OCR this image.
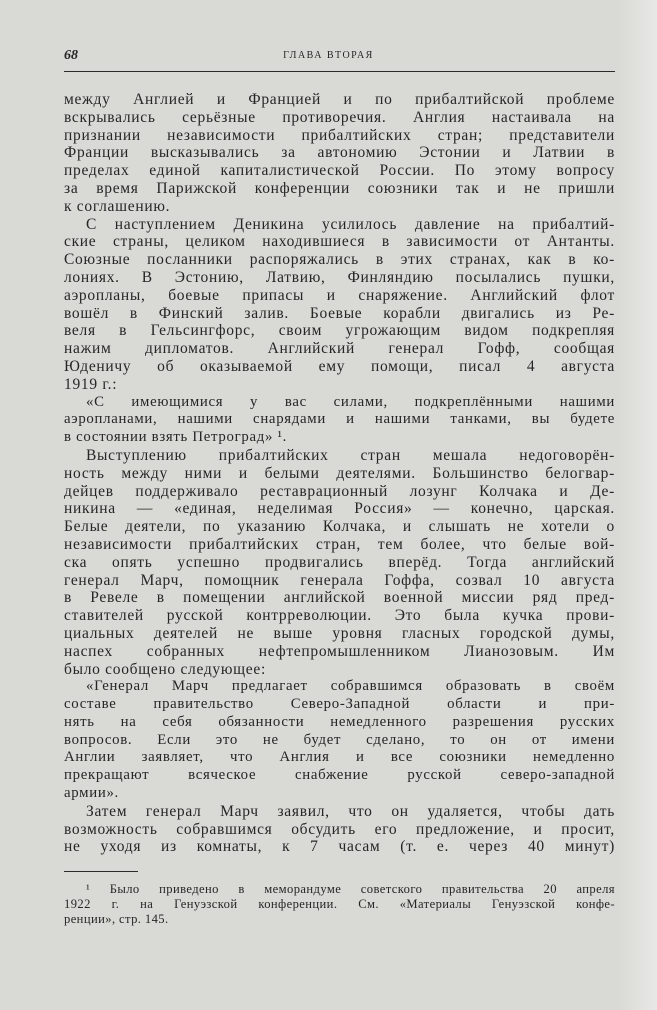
68	ГЛАВА ВТОРАЯ
между Англией и Францией и по прибалтийской проблеме
вскрывались серьёзные противоречия. Англия настаивала на
признании независимости прибалтийских стран; представители
Франции высказывались за автономию Эстонии и Латвии в
пределах единой капиталистической России. По этому вопросу
за время Парижской конференции союзники так и не пришли
к соглашению.
С наступлением Деникина усилилось давление на прибалтий-
ские страны, целиком находившиеся в зависимости от Антанты.
Союзные посланники распоряжались в этих странах, как в ко-
лониях. В Эстонию, Латвию, Финляндию посылались пушки,
аэропланы, боевые припасы и снаряжение. Английский флот
вошёл в Финский залив. Боевые корабли двигались из Ре-
веля в Гельсингфорс, своим угрожающим видом подкрепляя
нажим дипломатов. Английский генерал Гофф, сообщая
Юденичу об оказываемой ему помощи, писал 4 августа
1919 г.:
«С имеющимися у вас силами, подкреплёнными нашими
аэропланами, нашими снарядами и нашими танками, вы будете
в состоянии взять Петроград» ¹.
Выступлению прибалтийских стран мешала недоговорён-
ность между ними и белыми деятелями. Большинство белогвар-
дейцев поддерживало реставрационный лозунг Колчака и Де-
никина — «единая, неделимая Россия» — конечно, царская.
Белые деятели, по указанию Колчака, и слышать не хотели о
независимости прибалтийских стран, тем более, что белые вой-
ска опять успешно продвигались вперёд. Тогда английский
генерал Марч, помощник генерала Гоффа, созвал 10 августа
в Ревеле в помещении английской военной миссии ряд пред-
ставителей русской контрреволюции. Это была кучка прови-
циальных деятелей не выше уровня гласных городской думы,
наспех собранных нефтепромышленником Лианозовым. Им
было сообщено следующее:
«Генерал Марч предлагает собравшимся образовать в своём
составе правительство Северо-Западной области и при-
нять на себя обязанности немедленного разрешения русских
вопросов. Если это не будет сделано, то он от имени
Англии заявляет, что Англия и все союзники немедленно
прекращают всяческое снабжение русской северо-западной
армии».
Затем генерал Марч заявил, что он удаляется, чтобы дать
возможность собравшимся обсудить его предложение, и просит,
не уходя из комнаты, к 7 часам (т. е. через 40 минут)
¹ Было приведено в меморандуме советского правительства 20 апреля
1922 г. на Генуэзской конференции. См. «Материалы Генуэзской конфе-
ренции», стр. 145.
